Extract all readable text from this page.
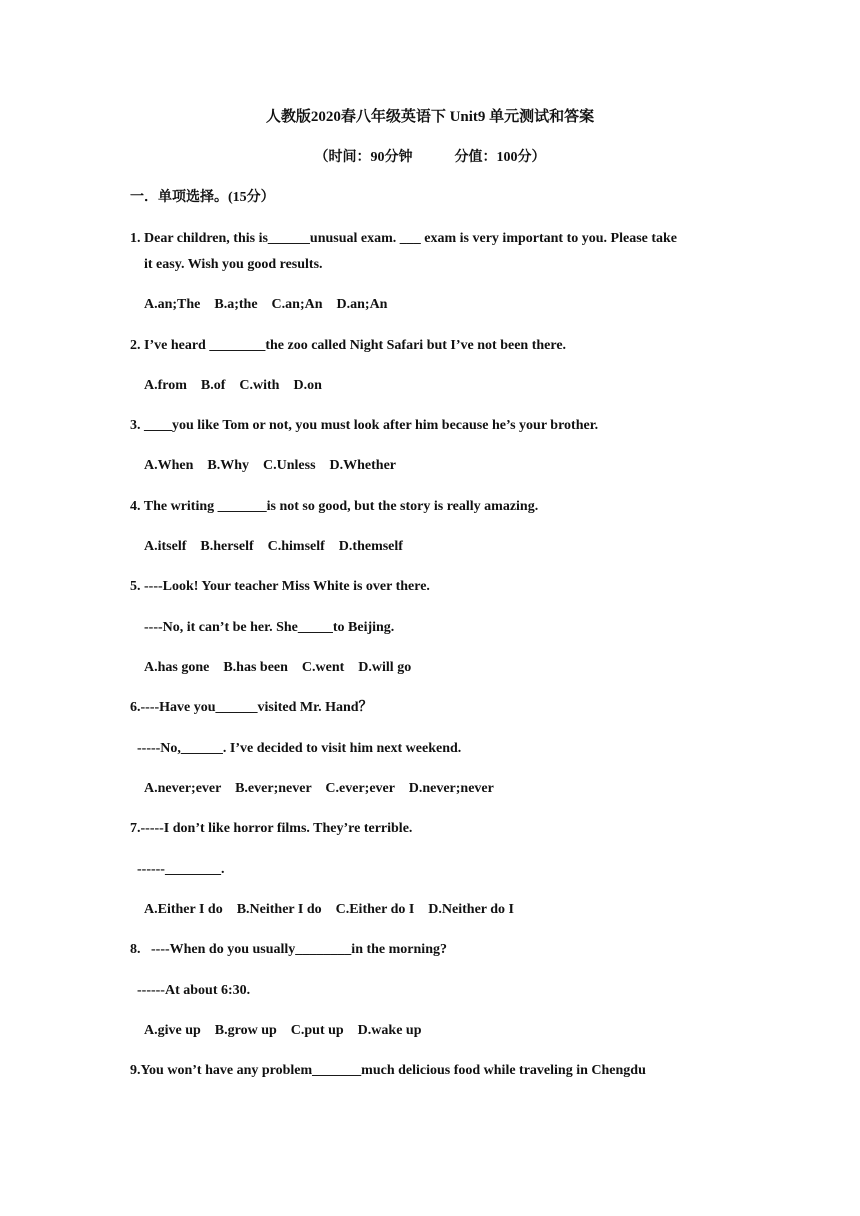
人教版2020春八年级英语下 Unit9 单元测试和答案
（时间：90分钟            分值：100分）
一．单项选择。(15分）
1. Dear children, this is______unusual exam. ___ exam is very important to you. Please take
it easy. Wish you good results.
A.an;The    B.a;the    C.an;An    D.an;An
2. I’ve heard ________the zoo called Night Safari but I’ve not been there.
A.from    B.of    C.with    D.on
3. ____you like Tom or not, you must look after him because he’s your brother.
A.When    B.Why    C.Unless    D.Whether
4. The writing _______is not so good, but the story is really amazing.
A.itself    B.herself    C.himself    D.themself
5. ----Look! Your teacher Miss White is over there.
----No, it can’t be her. She_____to Beijing.
A.has gone    B.has been    C.went    D.will go
6.----Have you______visited Mr. Hand？
-----No,______. I’ve decided to visit him next weekend.
A.never;ever    B.ever;never    C.ever;ever    D.never;never
7.-----I don’t like horror films. They’re terrible.
------________.
A.Either I do    B.Neither I do    C.Either do I    D.Neither do I
8.   ----When do you usually________in the morning?
------At about 6:30.
A.give up    B.grow up    C.put up    D.wake up
9.You won’t have any problem_______much delicious food while traveling in Chengdu
